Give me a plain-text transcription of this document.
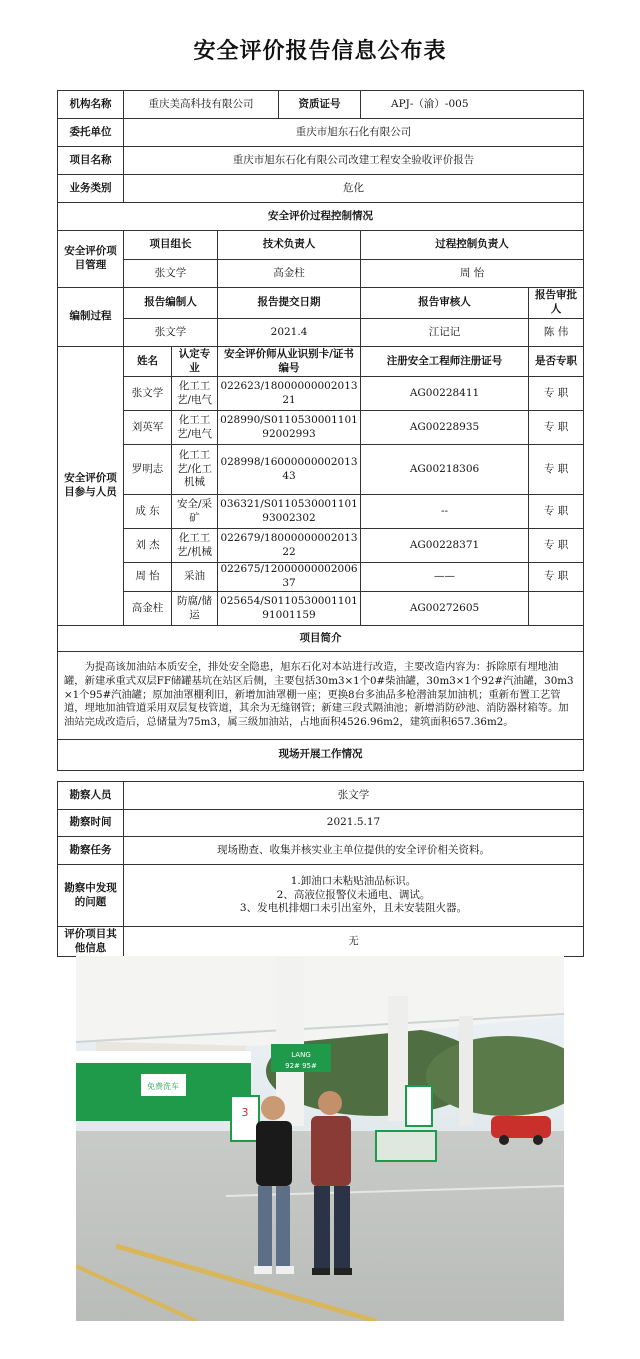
安全评价报告信息公布表
机构名称	重庆美高科技有限公司			资质证号	APJ-（渝）-005	
委托单位	重庆市旭东石化有限公司					
项目名称	重庆市旭东石化有限公司改建工程安全验收评价报告					
业务类别	危化					
安全评价过程控制情况						
安全评价项目管理	项目组长		技术负责人		过程控制负责人	
	张文学		高金柱		周 怡	
编制过程	报告编制人		报告提交日期		报告审核人	报告审批人
	张文学		2021.4		江记记	陈 伟
安全评价项目参与人员	姓名	认定专业	安全评价师从业识别卡/证书编号		注册安全工程师注册证号	是否专职
	张文学	化工工艺/电气	022623/1800000000201321		AG00228411	专 职
	刘英军	化工工艺/电气	028990/S011053000110192002993		AG00228935	专 职
	罗明志	化工工艺/化工机械	028998/1600000000201343		AG00218306	专 职
	成 东	安全/采矿	036321/S011053000110193002302		--	专 职
	刘 杰	化工工艺/机械	022679/1800000000201322		AG00228371	专 职
	周 怡	采油	022675/1200000000200637		——	专 职
	高金柱	防腐/储运	025654/S011053000110191001159		AG00272605	
项目简介						
为提高该加油站本质安全，排处安全隐患，旭东石化对本站进行改造，主要改造内容为：拆除原有埋地油罐，新建承重式双层FF储罐基坑在站区后侧，主要包括30m3×1个0#柴油罐，30m3×1个92#汽油罐，30m3×1个95#汽油罐；原加油罩棚利旧，新增加油罩棚一座；更换8台多油品多枪潜油泵加油机；重新布置工艺管道，埋地加油管道采用双层复枝管道，其余为无缝钢管；新建三段式隔油池；新增消防砂池、消防器材箱等。加油站完成改造后，总储量为75m3，属三级加油站，占地面积4526.96m2，建筑面积657.36m2。						
现场开展工作情况						
勘察人员	张文学
勘察时间	2021.5.17
勘察任务	现场勘查、收集并核实业主单位提供的安全评价相关资料。
勘察中发现的问题	1.卸油口未粘贴油品标识。
2、高液位报警仪未通电、调试。
3、发电机排烟口未引出室外，且未安装阻火器。

评价项目其他信息	无
免费洗车
LANG
92# 95#
3
